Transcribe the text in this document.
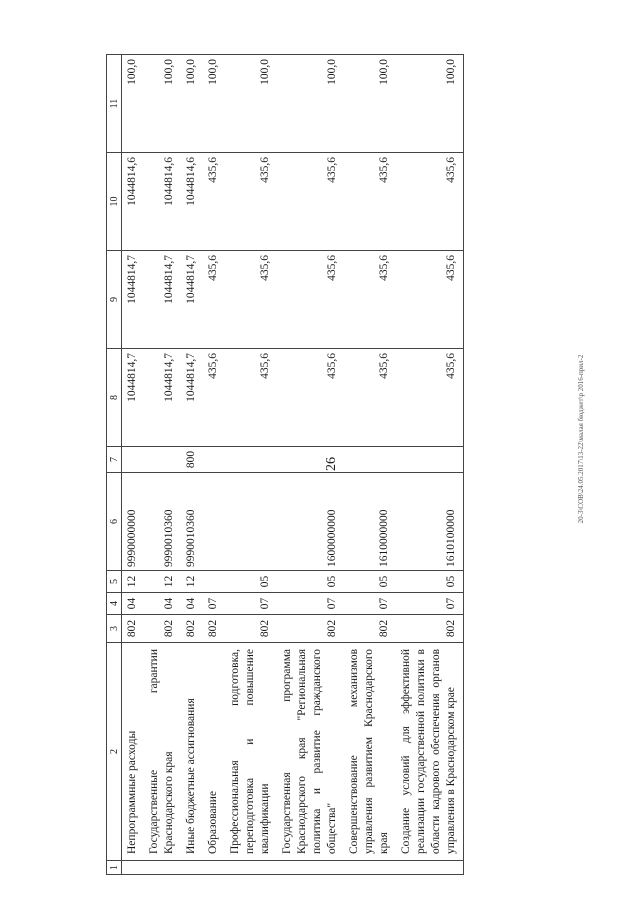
26	20-3\СОВ\24.05.2017\13-22\малая бюджет\р 2016-прил-2
1	2	3	4	5	6	7	8	9	10	11
	Непрограммные расходы	802	04	12	9990000000		1044814,7	1044814,7	1044814,6	100,0
	Государственные гарантии Краснодарского края	802	04	12	9990010360		1044814,7	1044814,7	1044814,6	100,0
	Иные бюджетные ассигнования	802	04	12	9990010360	800	1044814,7	1044814,7	1044814,6	100,0
	Образование	802	07				435,6	435,6	435,6	100,0
	Профессиональная подготовка, переподготовка и повышение квалификации	802	07	05			435,6	435,6	435,6	100,0
	Государственная программа Краснодарского края "Региональная политика и развитие гражданского общества"	802	07	05	1600000000		435,6	435,6	435,6	100,0
	Совершенствование механизмов управления развитием Краснодарского края	802	07	05	1610000000		435,6	435,6	435,6	100,0
	Создание условий для эффективной реализации государственной политики в области кадрового обеспечения органов управления в Краснодарском крае	802	07	05	1610100000		435,6	435,6	435,6	100,0
